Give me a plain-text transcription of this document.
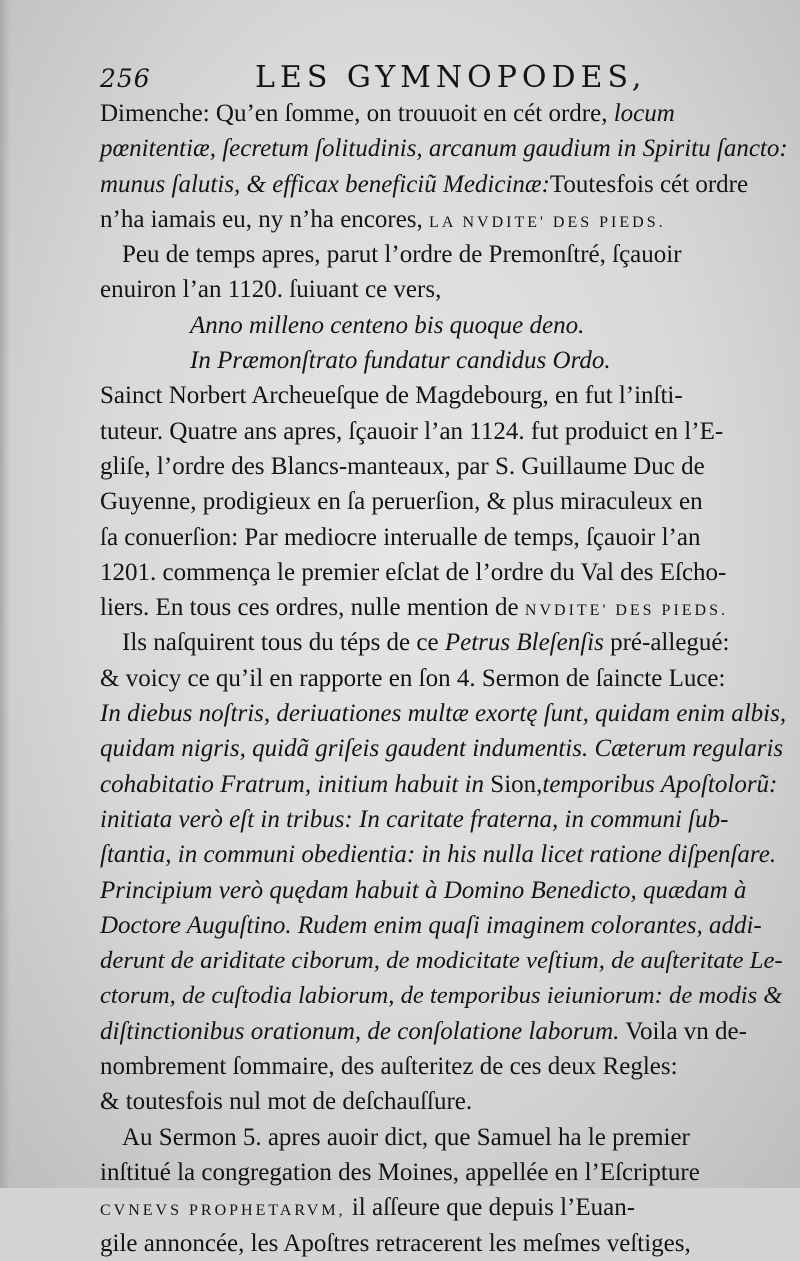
256	LES GYMNOPODES,
Dimenche: Qu’en ſomme, on trouuoit en cét ordre, locum
pœnitentiæ, ſecretum ſolitudinis, arcanum gaudium in Spiritu ſancto:
munus ſalutis, & efficax beneficiũ Medicinæ:Toutesfois cét ordre
n’ha iamais eu, ny n’ha encores, LA NVDITE' DES PIEDS.
Peu de temps apres, parut l’ordre de Premonſtré, ſçauoir
enuiron l’an 1120. ſuiuant ce vers,
Anno milleno centeno bis quoque deno.
In Præmonſtrato fundatur candidus Ordo.
Sainct Norbert Archeueſque de Magdebourg, en fut l’inſti-
tuteur. Quatre ans apres, ſçauoir l’an 1124. fut produict en l’E-
gliſe, l’ordre des Blancs-manteaux, par S. Guillaume Duc de
Guyenne, prodigieux en ſa peruerſion, & plus miraculeux en
ſa conuerſion: Par mediocre interualle de temps, ſçauoir l’an
1201. commença le premier eſclat de l’ordre du Val des Eſcho-
liers. En tous ces ordres, nulle mention de NVDITE' DES PIEDS.
Ils naſquirent tous du téps de ce Petrus Bleſenſis pré-allegué:
& voicy ce qu’il en rapporte en ſon 4. Sermon de ſaincte Luce:
In diebus noſtris, deriuationes multæ exortę ſunt, quidam enim albis,
quidam nigris, quidã griſeis gaudent indumentis. Cæterum regularis
cohabitatio Fratrum, initium habuit in Sion,temporibus Apoſtolorũ:
initiata verò eſt in tribus: In caritate fraterna, in communi ſub-
ſtantia, in communi obedientia: in his nulla licet ratione diſpenſare.
Principium verò quędam habuit à Domino Benedicto, quædam à
Doctore Auguſtino. Rudem enim quaſi imaginem colorantes, addi-
derunt de ariditate ciborum, de modicitate veſtium, de auſteritate Le-
ctorum, de cuſtodia labiorum, de temporibus ieiuniorum: de modis &
diſtinctionibus orationum, de conſolatione laborum. Voila vn de-
nombrement ſommaire, des auſteritez de ces deux Regles:
& toutesfois nul mot de deſchauſſure.
Au Sermon 5. apres auoir dict, que Samuel ha le premier
inſtitué la congregation des Moines, appellée en l’Eſcripture
CVNEVS PROPHETARVM, il aſſeure que depuis l’Euan-
gile annoncée, les Apoſtres retracerent les meſmes veſtiges,
